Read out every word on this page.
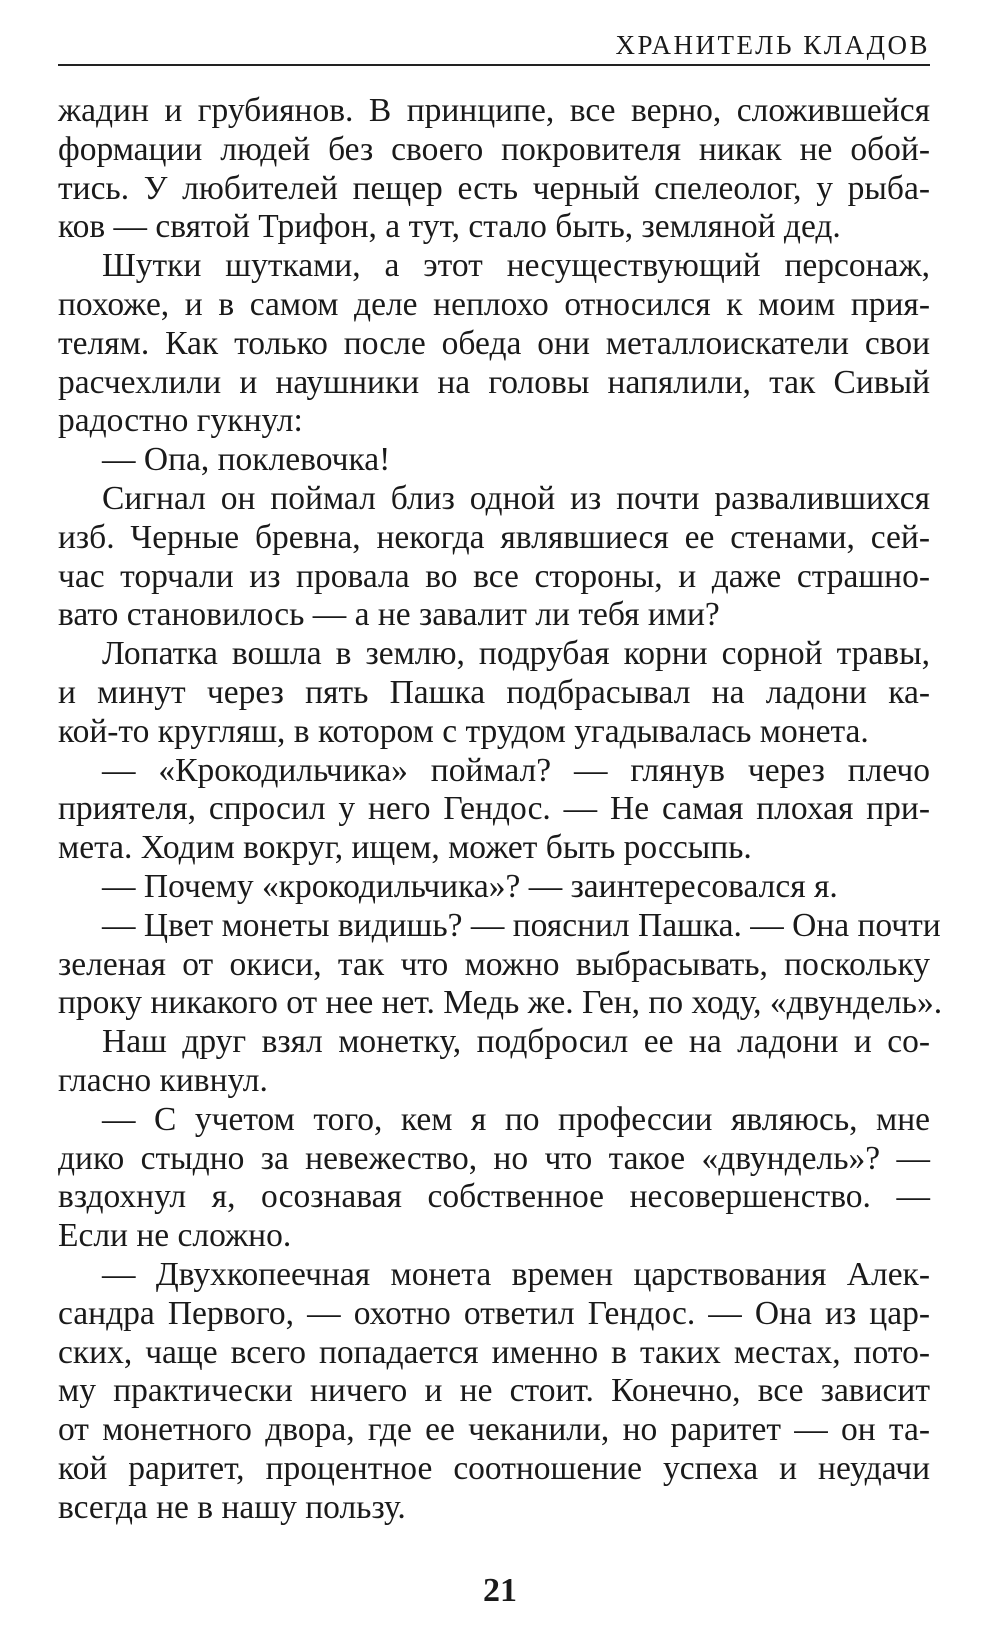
ХРАНИТЕЛЬ КЛАДОВ
жадин и грубиянов. В принципе, все верно, сложившейся
формации людей без своего покровителя никак не обой-
тись. У любителей пещер есть черный спелеолог, у рыба-
ков — святой Трифон, а тут, стало быть, земляной дед.
Шутки шутками, а этот несуществующий персонаж,
похоже, и в самом деле неплохо относился к моим прия-
телям. Как только после обеда они металлоискатели свои
расчехлили и наушники на головы напялили, так Сивый
радостно гукнул:
— Опа, поклевочка!
Сигнал он поймал близ одной из почти развалившихся
изб. Черные бревна, некогда являвшиеся ее стенами, сей-
час торчали из провала во все стороны, и даже страшно-
вато становилось — а не завалит ли тебя ими?
Лопатка вошла в землю, подрубая корни сорной травы,
и минут через пять Пашка подбрасывал на ладони ка-
кой-то кругляш, в котором с трудом угадывалась монета.
— «Крокодильчика» поймал? — глянув через плечо
приятеля, спросил у него Гендос. — Не самая плохая при-
мета. Ходим вокруг, ищем, может быть россыпь.
— Почему «крокодильчика»? — заинтересовался я.
— Цвет монеты видишь? — пояснил Пашка. — Она почти
зеленая от окиси, так что можно выбрасывать, поскольку
проку никакого от нее нет. Медь же. Ген, по ходу, «двундель».
Наш друг взял монетку, подбросил ее на ладони и со-
гласно кивнул.
— С учетом того, кем я по профессии являюсь, мне
дико стыдно за невежество, но что такое «двундель»? —
вздохнул я, осознавая собственное несовершенство. —
Если не сложно.
— Двухкопеечная монета времен царствования Алек-
сандра Первого, — охотно ответил Гендос. — Она из цар-
ских, чаще всего попадается именно в таких местах, пото-
му практически ничего и не стоит. Конечно, все зависит
от монетного двора, где ее чеканили, но раритет — он та-
кой раритет, процентное соотношение успеха и неудачи
всегда не в нашу пользу.
21
